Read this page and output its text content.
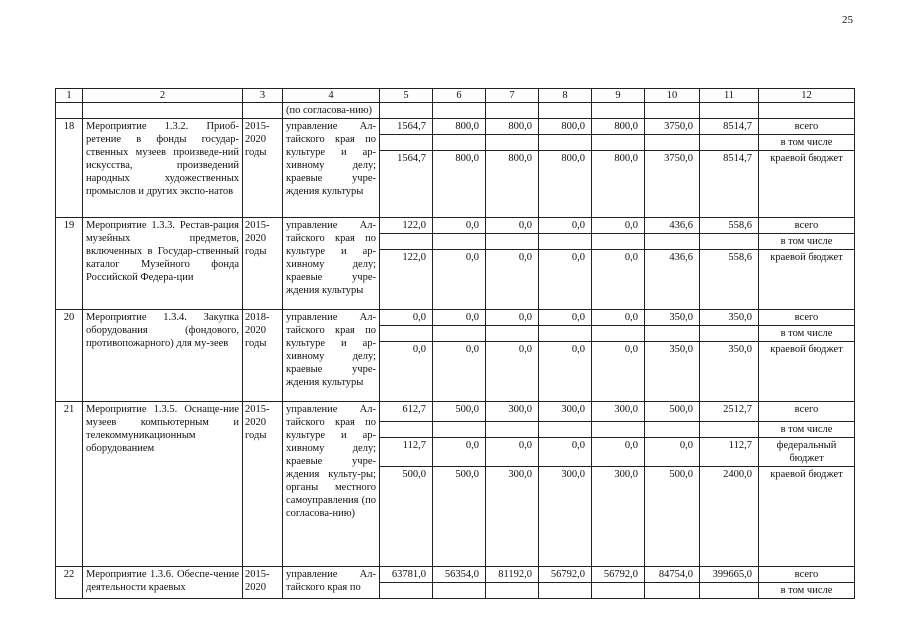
25
1	2	3	4	5	6	7	8	9	10	11	12
			(по согласова-нию)								
18	Мероприятие 1.3.2. Приоб-ретение в фонды государ-ственных музеев произведе-ний искусства, произведений народных художественных промыслов и других экспо-натов	2015-2020 годы	управление Ал-тайского края по культуре и ар-хивному делу; краевые учре-ждения культуры	1564,7	800,0	800,0	800,0	800,0	3750,0	8514,7	всего
											в том числе
				1564,7	800,0	800,0	800,0	800,0	3750,0	8514,7	краевой бюджет
19	Мероприятие 1.3.3. Рестав-рация музейных предметов, включенных в Государ-ственный каталог Музейного фонда Российской Федера-ции	2015-2020 годы	управление Ал-тайского края по культуре и ар-хивному делу; краевые учре-ждения культуры	122,0	0,0	0,0	0,0	0,0	436,6	558,6	всего
											в том числе
				122,0	0,0	0,0	0,0	0,0	436,6	558,6	краевой бюджет
20	Мероприятие 1.3.4. Закупка оборудования (фондового, противопожарного) для му-зеев	2018-2020 годы	управление Ал-тайского края по культуре и ар-хивному делу; краевые учре-ждения культуры	0,0	0,0	0,0	0,0	0,0	350,0	350,0	всего
											в том числе
				0,0	0,0	0,0	0,0	0,0	350,0	350,0	краевой бюджет
21	Мероприятие 1.3.5. Оснаще-ние музеев компьютерным и телекоммуникационным оборудованием	2015-2020 годы	управление Ал-тайского края по культуре и ар-хивному делу; краевые учре-ждения культу-ры; органы местного самоуправления (по согласова-нию)	612,7	500,0	300,0	300,0	300,0	500,0	2512,7	всего
											в том числе
				112,7	0,0	0,0	0,0	0,0	0,0	112,7	федеральный бюджет
				500,0	500,0	300,0	300,0	300,0	500,0	2400,0	краевой бюджет
22	Мероприятие 1.3.6. Обеспе-чение деятельности краевых	2015-2020	управление Ал-тайского края по	63781,0	56354,0	81192,0	56792,0	56792,0	84754,0	399665,0	всего
											в том числе
